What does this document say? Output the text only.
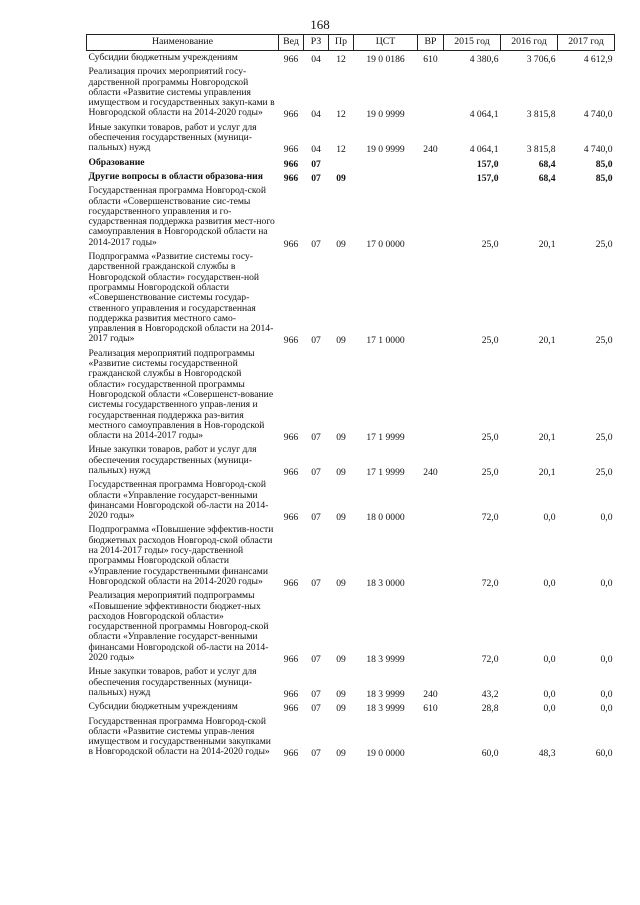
168
Наименование	Вед	РЗ	Пр	ЦСТ	ВР	2015 год	2016 год	2017 год
Субсидии бюджетным учреждениям	966	04	12	19 0 0186	610	4 380,6	3 706,6	4 612,9
Реализация прочих мероприятий госу-дарственной программы Новгородской области «Развитие системы управления имуществом и государственных закуп-ками в Новгородской области на 2014-2020 годы»	966	04	12	19 0 9999		4 064,1	3 815,8	4 740,0
Иные закупки товаров, работ и услуг для обеспечения государственных (муници-пальных) нужд	966	04	12	19 0 9999	240	4 064,1	3 815,8	4 740,0
Образование	966	07				157,0	68,4	85,0
Другие вопросы в области образова-ния	966	07	09			157,0	68,4	85,0
Государственная программа Новгород-ской области «Совершенствование сис-темы государственного управления и го-сударственная поддержка развития мест-ного самоуправления в Новгородской области на 2014-2017 годы»	966	07	09	17 0 0000		25,0	20,1	25,0
Подпрограмма «Развитие системы госу-дарственной гражданской службы в Новгородской области» государствен-ной программы Новгородской области «Совершенствование системы государ-ственного управления и государственная поддержка развития местного само-управления в Новгородской области на 2014-2017 годы»	966	07	09	17 1 0000		25,0	20,1	25,0
Реализация мероприятий подпрограммы «Развитие системы государственной гражданской службы в Новгородской области» государственной программы Новгородской области «Совершенст-вование системы государственного управ-ления и государственная поддержка раз-вития местного самоуправления в Нов-городской области на 2014-2017 годы»	966	07	09	17 1 9999		25,0	20,1	25,0
Иные закупки товаров, работ и услуг для обеспечения государственных (муници-пальных) нужд	966	07	09	17 1 9999	240	25,0	20,1	25,0
Государственная программа Новгород-ской области «Управление государст-венными финансами Новгородской об-ласти на 2014-2020 годы»	966	07	09	18 0 0000		72,0	0,0	0,0
Подпрограмма «Повышение эффектив-ности бюджетных расходов Новгород-ской области на 2014-2017 годы» госу-дарственной программы Новгородской области «Управление государственными финансами Новгородской области на 2014-2020 годы»	966	07	09	18 3 0000		72,0	0,0	0,0
Реализация мероприятий подпрограммы «Повышение эффективности бюджет-ных расходов Новгородской области» государственной программы Новгород-ской области «Управление государст-венными финансами Новгородской об-ласти на 2014-2020 годы»	966	07	09	18 3 9999		72,0	0,0	0,0
Иные закупки товаров, работ и услуг для обеспечения государственных (муници-пальных) нужд	966	07	09	18 3 9999	240	43,2	0,0	0,0
Субсидии бюджетным учреждениям	966	07	09	18 3 9999	610	28,8	0,0	0,0
Государственная программа Новгород-ской области «Развитие системы управ-ления имуществом и государственными закупками в Новгородской области на 2014-2020 годы»	966	07	09	19 0 0000		60,0	48,3	60,0
